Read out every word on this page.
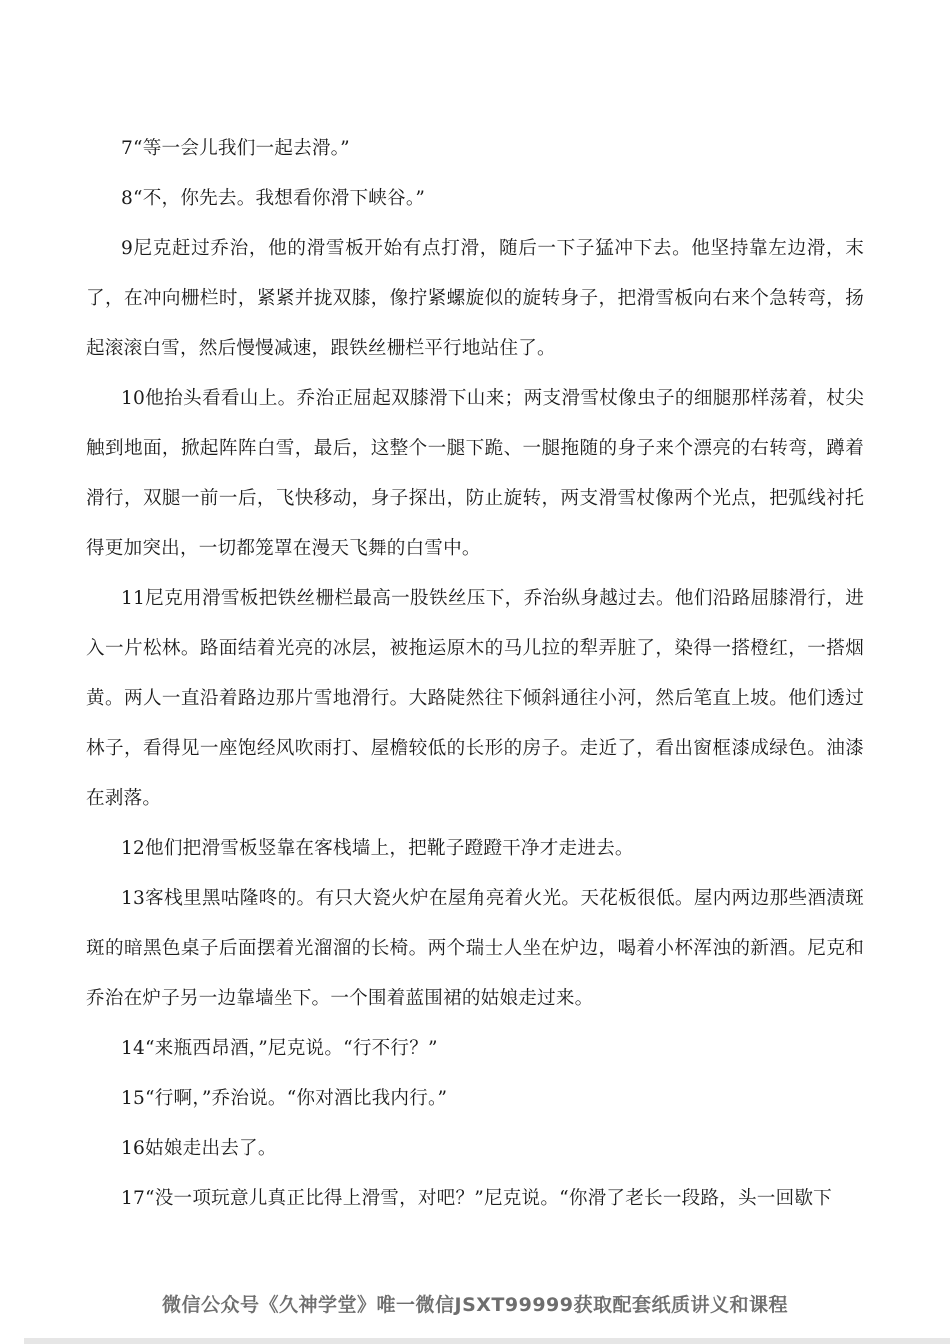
7“等一会儿我们一起去滑。”

8“不，你先去。我想看你滑下峡谷。”

9尼克赶过乔治，他的滑雪板开始有点打滑，随后一下子猛冲下去。他坚持靠左边滑，末了，在冲向栅栏时，紧紧并拢双膝，像拧紧螺旋似的旋转身子，把滑雪板向右来个急转弯，扬起滚滚白雪，然后慢慢减速，跟铁丝栅栏平行地站住了。

10他抬头看看山上。乔治正屈起双膝滑下山来；两支滑雪杖像虫子的细腿那样荡着，杖尖触到地面，掀起阵阵白雪，最后，这整个一腿下跪、一腿拖随的身子来个漂亮的右转弯，蹲着滑行，双腿一前一后，飞快移动，身子探出，防止旋转，两支滑雪杖像两个光点，把弧线衬托得更加突出，一切都笼罩在漫天飞舞的白雪中。

11尼克用滑雪板把铁丝栅栏最高一股铁丝压下，乔治纵身越过去。他们沿路屈膝滑行，进入一片松林。路面结着光亮的冰层，被拖运原木的马儿拉的犁弄脏了，染得一搭橙红，一搭烟黄。两人一直沿着路边那片雪地滑行。大路陡然往下倾斜通往小河，然后笔直上坡。他们透过林子，看得见一座饱经风吹雨打、屋檐较低的长形的房子。走近了，看出窗框漆成绿色。油漆在剥落。

12他们把滑雪板竖靠在客栈墙上，把靴子蹬蹬干净才走进去。

13客栈里黑咕隆咚的。有只大瓷火炉在屋角亮着火光。天花板很低。屋内两边那些酒渍斑斑的暗黑色桌子后面摆着光溜溜的长椅。两个瑞士人坐在炉边，喝着小杯浑浊的新酒。尼克和乔治在炉子另一边靠墙坐下。一个围着蓝围裙的姑娘走过来。

14“来瓶西昂酒，”尼克说。“行不行？”

15“行啊，”乔治说。“你对酒比我内行。”

16姑娘走出去了。

17“没一项玩意儿真正比得上滑雪，对吧？”尼克说。“你滑了老长一段路，头一回歇下

微信公众号《久神学堂》唯一微信JSXT99999获取配套纸质讲义和课程
